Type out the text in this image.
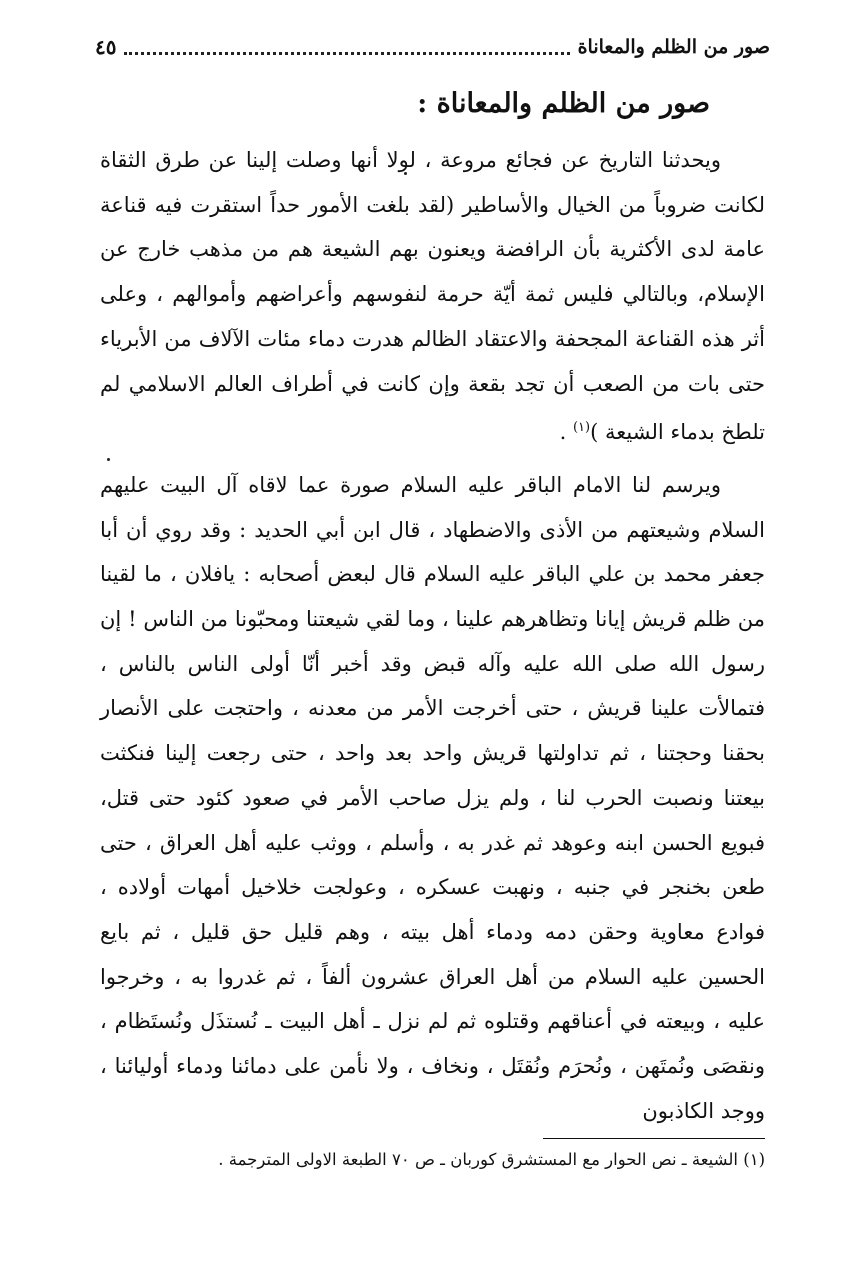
صور من الظلم والمعاناة
٤٥
صور من الظلم والمعاناة :

ويحدثنا التاريخ عن فجائع مروعة ، لولا أنها وصلت إلينا عن طرق الثقاة لكانت ضروباً من الخيال والأساطير (لقد بلغت الأمور حداً استقرت فيه قناعة عامة لدى الأكثرية بأن الرافضة ويعنون بهم الشيعة هم من مذهب خارج عن الإسلام، وبالتالي فليس ثمة أيّة حرمة لنفوسهم وأعراضهم وأموالهم ، وعلى أثر هذه القناعة المجحفة والاعتقاد الظالم هدرت دماء مئات الآلاف من الأبرياء حتى بات من الصعب أن تجد بقعة وإن كانت في أطراف العالم الاسلامي لم تلطخ بدماء الشيعة )$^{(١)}$ .

ويرسم لنا الامام الباقر عليه السلام صورة عما لاقاه آل البيت عليهم السلام وشيعتهم من الأذى والاضطهاد ، قال ابن أبي الحديد : وقد روي أن أبا جعفر محمد بن علي الباقر عليه السلام قال لبعض أصحابه : يافلان ، ما لقينا من ظلم قريش إيانا وتظاهرهم علينا ، وما لقي شيعتنا ومحبّونا من الناس ! إن رسول الله صلى الله عليه وآله قبض وقد أخبر أنّا أولى الناس بالناس ، فتمالأت علينا قريش ، حتى أخرجت الأمر من معدنه ، واحتجت على الأنصار بحقنا وحجتنا ، ثم تداولتها قريش واحد بعد واحد ، حتى رجعت إلينا فنكثت بيعتنا ونصبت الحرب لنا ، ولم يزل صاحب الأمر في صعود كئود حتى قتل، فبويع الحسن ابنه وعوهد ثم غدر به ، وأسلم ، ووثب عليه أهل العراق ، حتى طعن بخنجر في جنبه ، ونهبت عسكره ، وعولجت خلاخيل أمهات أولاده ، فوادع معاوية وحقن دمه ودماء أهل بيته ، وهم قليل حق قليل ، ثم بايع الحسين عليه السلام من أهل العراق عشرون ألفاً ، ثم غدروا به ، وخرجوا عليه ، وبيعته في أعناقهم وقتلوه ثم لم نزل ـ أهل البيت ـ نُستذَل ونُستَظام ، ونقصَى ونُمتَهن ، ونُحرَم ونُقتَل ، ونخاف ، ولا نأمن على دمائنا ودماء أوليائنا ، ووجد الكاذبون

(١) الشيعة ـ نص الحوار مع المستشرق كوربان ـ ص ٧٠ الطبعة الاولى المترجمة .
